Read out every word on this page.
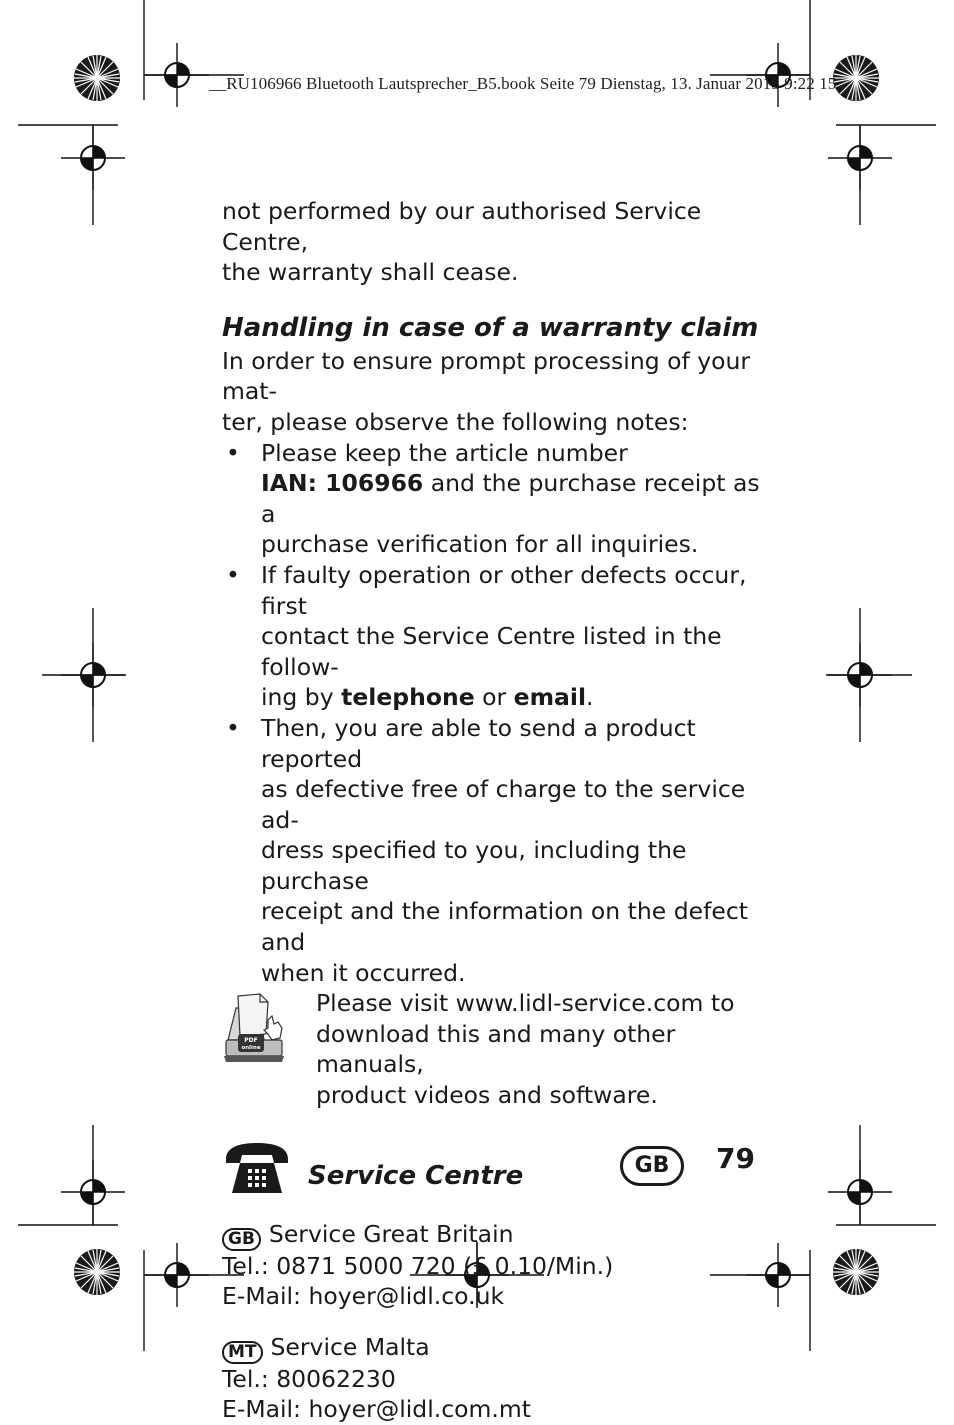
__RU106966 Bluetooth Lautsprecher_B5.book Seite 79 Dienstag, 13. Januar 2015 9:22 15

not performed by our authorised Service Centre,
the warranty shall cease.

Handling in case of a warranty claim

In order to ensure prompt processing of your mat-
ter, please observe the following notes:

• Please keep the article number
IAN: 106966 and the purchase receipt as a
purchase verification for all inquiries.
• If faulty operation or other defects occur, first
contact the Service Centre listed in the follow-
ing by telephone or email.
• Then, you are able to send a product reported
as defective free of charge to the service ad-
dress specified to you, including the purchase
receipt and the information on the defect and
when it occurred.
PDF
online
Please visit www.lidl-service.com to
download this and many other manuals,
product videos and software.
Service Centre
GB Service Great Britain
Tel.: 0871 5000 720 (£ 0.10/Min.)
E-Mail: hoyer@lidl.co.uk
MT Service Malta
Tel.: 80062230
E-Mail: hoyer@lidl.com.mt
GB	79
